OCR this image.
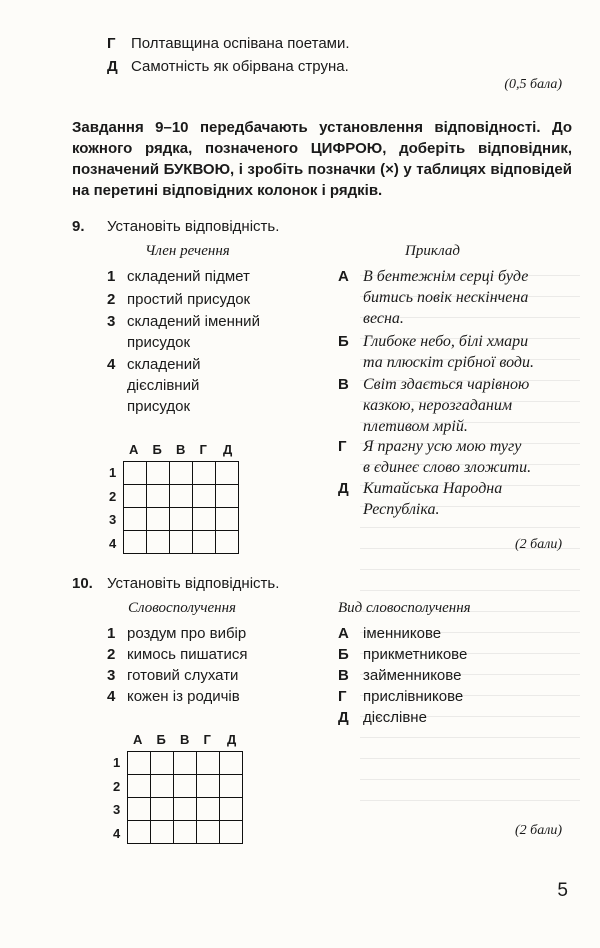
Г Полтавщина оспівана поетами.
Д Самотність як обірвана струна.
(0,5 бала)
Завдання 9–10 передбачають установлення відповідності. До кожного рядка, позначеного ЦИФРОЮ, доберіть відповідник, позначений БУКВОЮ, і зробіть позначки (×) у таблицях відповідей на перетині відповідних колонок і рядків.
9. Установіть відповідність.
Член речення	Приклад
1 складений підмет
2 простий присудок
3 складений іменний
присудок
4 складений
дієслівний
присудок
А В бентежнім серці буде
битись повік нескінчена
весна.
Б Глибоке небо, білі хмари
та плюскіт срібної води.
В Світ здається чарівною
казкою, нерозгаданим
плетивом мрій.
Г Я прагну усю мою тугу
в єдинеє слово зложити.
Д Китайська Народна
Республіка.
А Б В Г Д
1
2
3
4

					(2 бали)
10. Установіть відповідність.
Словосполучення	Вид словосполучення
1 роздум про вибір
2 кимось пишатися
3 готовий слухати
4 кожен із родичів
А іменникове
Б прикметникове
В займенникове
Г прислівникове
Д дієслівне
А Б В Г Д
1
2
3
4

					(2 бали)
5
